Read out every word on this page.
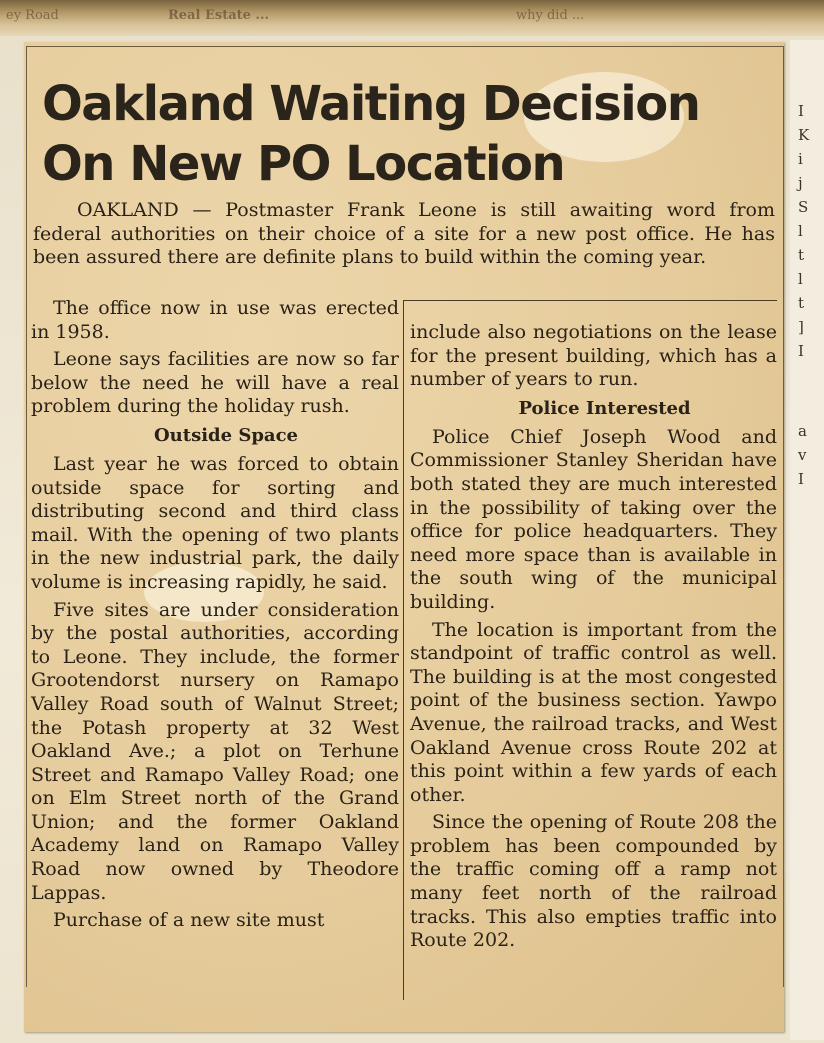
ey Road	Real Estate ...	why did ...
I
K
i
j
S
l
t
l
t
]
I
a
v
I
Oakland Waiting Decision
On New PO Location

OAKLAND — Postmaster Frank Leone is still awaiting word from federal authorities on their choice of a site for a new post office. He has been assured there are definite plans to build within the coming year.

The office now in use was erected in 1958.

Leone says facilities are now so far below the need he will have a real problem during the holiday rush.

Outside Space

Last year he was forced to obtain outside space for sorting and distributing second and third class mail. With the opening of two plants in the new industrial park, the daily volume is increasing rapidly, he said.

Five sites are under consideration by the postal authorities, according to Leone. They include, the former Grootendorst nursery on Ramapo Valley Road south of Walnut Street; the Potash property at 32 West Oakland Ave.; a plot on Terhune Street and Ramapo Valley Road; one on Elm Street north of the Grand Union; and the former Oakland Academy land on Ramapo Valley Road now owned by Theodore Lappas.

Purchase of a new site must

include also negotiations on the lease for the present building, which has a number of years to run.

Police Interested

Police Chief Joseph Wood and Commissioner Stanley Sheridan have both stated they are much interested in the possibility of taking over the office for police headquarters. They need more space than is available in the south wing of the municipal building.

The location is important from the standpoint of traffic control as well. The building is at the most congested point of the business section. Yawpo Avenue, the railroad tracks, and West Oakland Avenue cross Route 202 at this point within a few yards of each other.

Since the opening of Route 208 the problem has been compounded by the traffic coming off a ramp not many feet north of the railroad tracks. This also empties traffic into Route 202.
